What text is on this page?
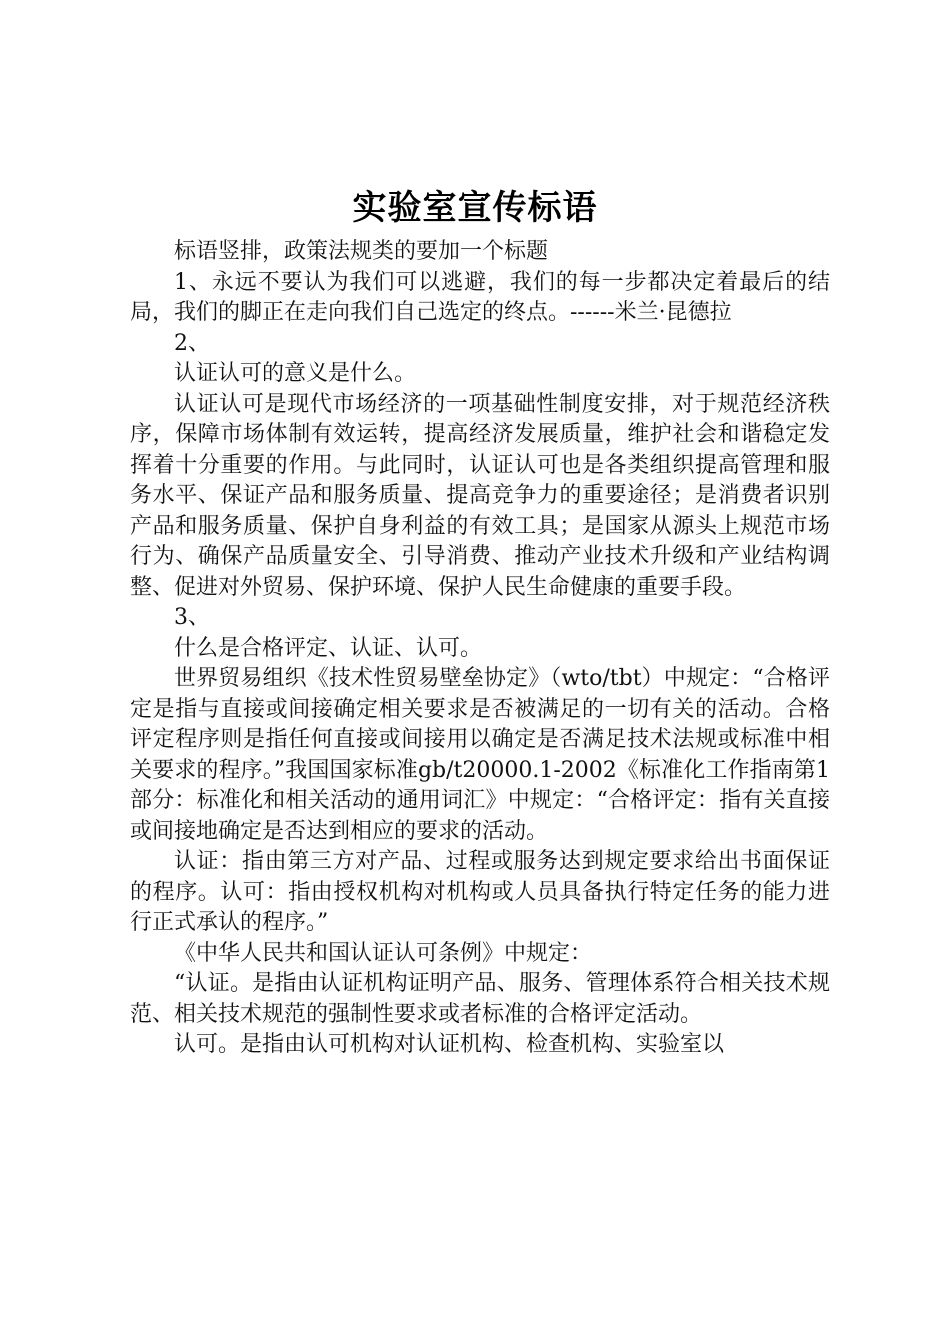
实验室宣传标语

标语竖排，政策法规类的要加一个标题

1、永远不要认为我们可以逃避，我们的每一步都决定着最后的结局，我们的脚正在走向我们自己选定的终点。------米兰·昆德拉

2、

认证认可的意义是什么。

认证认可是现代市场经济的一项基础性制度安排，对于规范经济秩序，保障市场体制有效运转，提高经济发展质量，维护社会和谐稳定发挥着十分重要的作用。与此同时，认证认可也是各类组织提高管理和服务水平、保证产品和服务质量、提高竞争力的重要途径；是消费者识别产品和服务质量、保护自身利益的有效工具；是国家从源头上规范市场行为、确保产品质量安全、引导消费、推动产业技术升级和产业结构调整、促进对外贸易、保护环境、保护人民生命健康的重要手段。

3、

什么是合格评定、认证、认可。

世界贸易组织《技术性贸易壁垒协定》（wto/tbt）中规定：“合格评定是指与直接或间接确定相关要求是否被满足的一切有关的活动。合格评定程序则是指任何直接或间接用以确定是否满足技术法规或标准中相关要求的程序。”我国国家标准gb/t20000.1-2002《标准化工作指南第1部分：标准化和相关活动的通用词汇》中规定：“合格评定：指有关直接或间接地确定是否达到相应的要求的活动。

认证：指由第三方对产品、过程或服务达到规定要求给出书面保证的程序。认可：指由授权机构对机构或人员具备执行特定任务的能力进行正式承认的程序。”

《中华人民共和国认证认可条例》中规定：

“认证。是指由认证机构证明产品、服务、管理体系符合相关技术规范、相关技术规范的强制性要求或者标准的合格评定活动。

认可。是指由认可机构对认证机构、检查机构、实验室以
